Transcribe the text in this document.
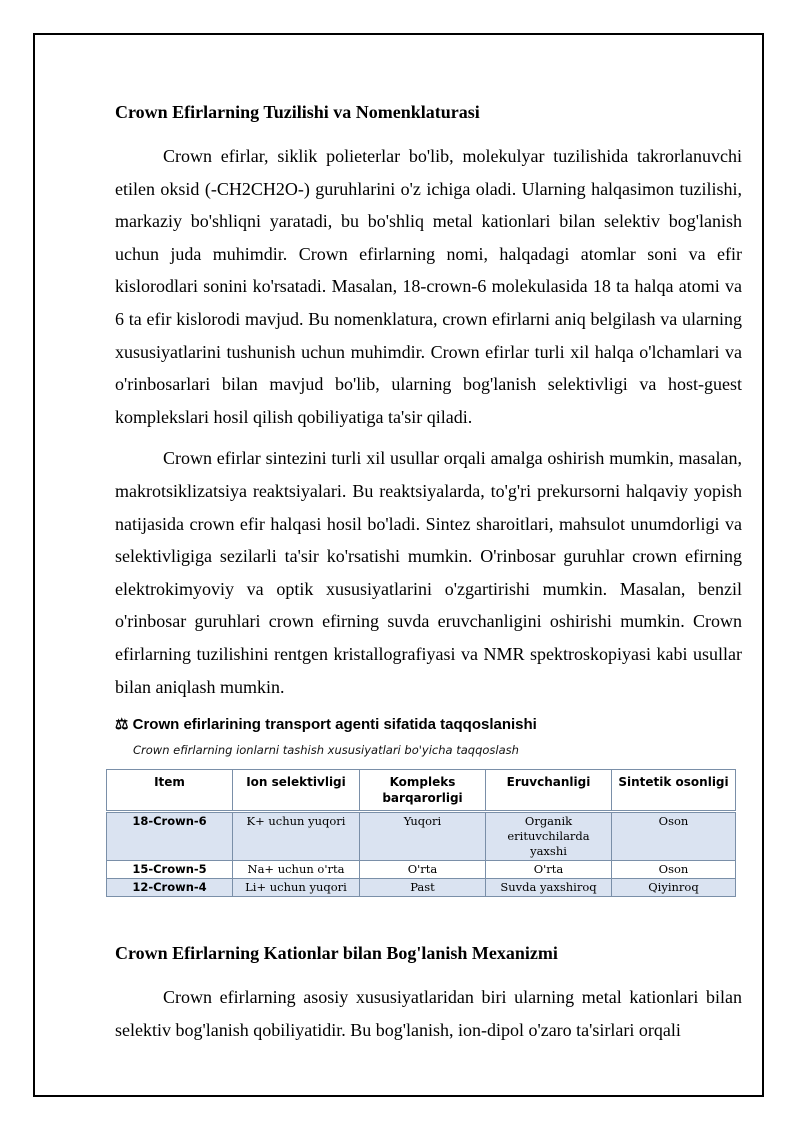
Crown Efirlarning Tuzilishi va Nomenklaturasi

Crown efirlar, siklik polieterlar bo'lib, molekulyar tuzilishida takrorlanuvchi etilen oksid (-CH2CH2O-) guruhlarini o'z ichiga oladi. Ularning halqasimon tuzilishi, markaziy bo'shliqni yaratadi, bu bo'shliq metal kationlari bilan selektiv bog'lanish uchun juda muhimdir. Crown efirlarning nomi, halqadagi atomlar soni va efir kislorodlari sonini ko'rsatadi. Masalan, 18-crown-6 molekulasida 18 ta halqa atomi va 6 ta efir kislorodi mavjud. Bu nomenklatura, crown efirlarni aniq belgilash va ularning xususiyatlarini tushunish uchun muhimdir. Crown efirlar turli xil halqa o'lchamlari va o'rinbosarlari bilan mavjud bo'lib, ularning bog'lanish selektivligi va host-guest komplekslari hosil qilish qobiliyatiga ta'sir qiladi.

Crown efirlar sintezini turli xil usullar orqali amalga oshirish mumkin, masalan, makrotsiklizatsiya reaktsiyalari. Bu reaktsiyalarda, to'g'ri prekursorni halqaviy yopish natijasida crown efir halqasi hosil bo'ladi. Sintez sharoitlari, mahsulot unumdorligi va selektivligiga sezilarli ta'sir ko'rsatishi mumkin. O'rinbosar guruhlar crown efirning elektrokimyoviy va optik xususiyatlarini o'zgartirishi mumkin. Masalan, benzil o'rinbosar guruhlari crown efirning suvda eruvchanligini oshirishi mumkin. Crown efirlarning tuzilishini rentgen kristallografiyasi va NMR spektroskopiyasi kabi usullar bilan aniqlash mumkin.

⚖ Crown efirlarining transport agenti sifatida taqqoslanishi

Crown efirlarning ionlarni tashish xususiyatlari bo'yicha taqqoslash

Item	Ion selektivligi	Kompleks barqarorligi	Eruvchanligi	Sintetik osonligi
18-Crown-6	K+ uchun yuqori	Yuqori	Organik erituvchilarda yaxshi	Oson
15-Crown-5	Na+ uchun o'rta	O'rta	O'rta	Oson
12-Crown-4	Li+ uchun yuqori	Past	Suvda yaxshiroq	Qiyinroq
Crown Efirlarning Kationlar bilan Bog'lanish Mexanizmi

Crown efirlarning asosiy xususiyatlaridan biri ularning metal kationlari bilan selektiv bog'lanish qobiliyatidir. Bu bog'lanish, ion-dipol o'zaro ta'sirlari orqali
